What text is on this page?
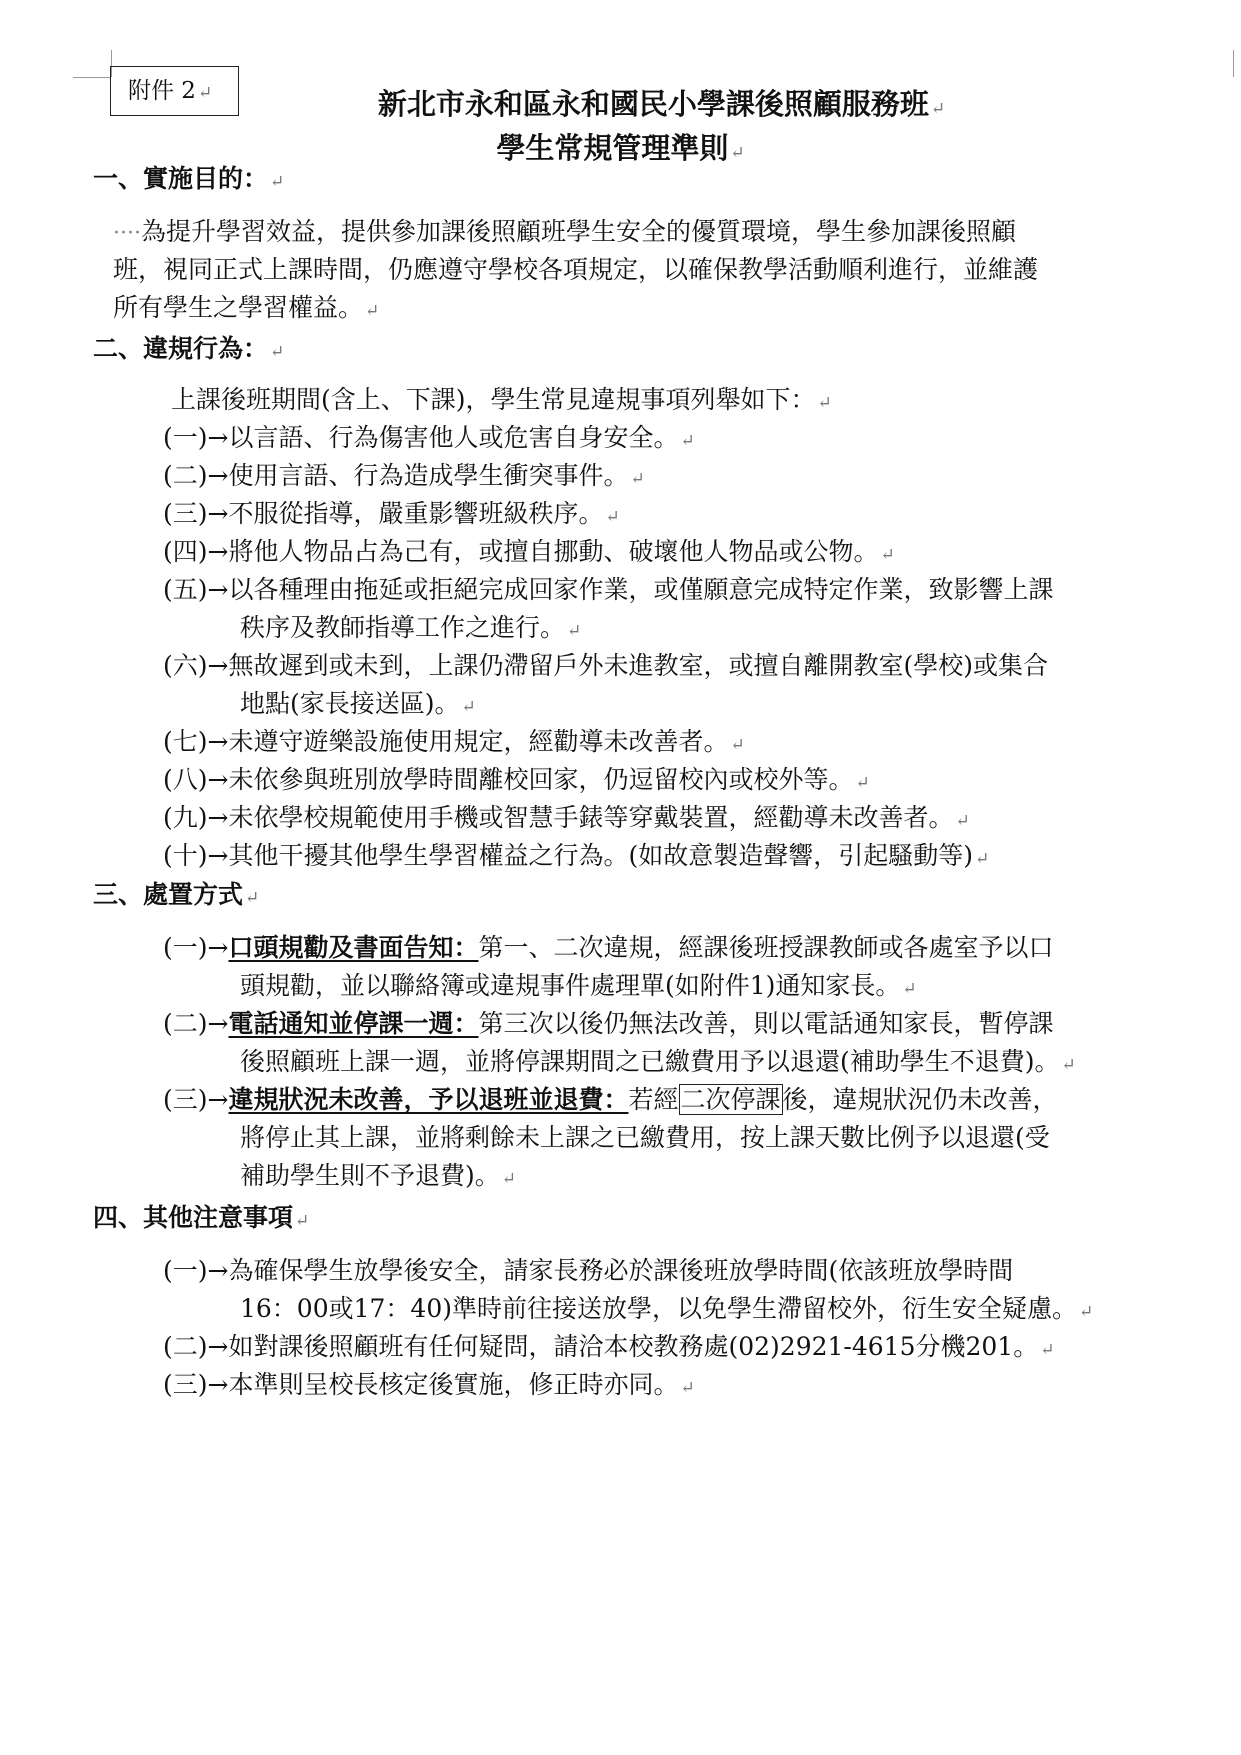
附件 2 ↵	新北市永和區永和國民小學課後照顧服務班 ↵
學生常規管理準則 ↵
一、實施目的： ↵
····為提升學習效益，提供參加課後照顧班學生安全的優質環境，學生參加課後照顧
班，視同正式上課時間，仍應遵守學校各項規定，以確保教學活動順利進行，並維護
所有學生之學習權益。 ↵
二、違規行為： ↵
上課後班期間(含上、下課)，學生常見違規事項列舉如下： ↵
(一)→以言語、行為傷害他人或危害自身安全。 ↵
(二)→使用言語、行為造成學生衝突事件。 ↵
(三)→不服從指導，嚴重影響班級秩序。 ↵
(四)→將他人物品占為己有，或擅自挪動、破壞他人物品或公物。 ↵
(五)→以各種理由拖延或拒絕完成回家作業，或僅願意完成特定作業，致影響上課
秩序及教師指導工作之進行。 ↵
(六)→無故遲到或未到，上課仍滯留戶外未進教室，或擅自離開教室(學校)或集合
地點(家長接送區)。 ↵
(七)→未遵守遊樂設施使用規定，經勸導未改善者。 ↵
(八)→未依參與班別放學時間離校回家，仍逗留校內或校外等。 ↵
(九)→未依學校規範使用手機或智慧手錶等穿戴裝置，經勸導未改善者。 ↵
(十)→其他干擾其他學生學習權益之行為。(如故意製造聲響，引起騷動等) ↵
三、處置方式 ↵
(一)→口頭規勸及書面告知：第一、二次違規，經課後班授課教師或各處室予以口
頭規勸，並以聯絡簿或違規事件處理單(如附件1)通知家長。 ↵
(二)→電話通知並停課一週：第三次以後仍無法改善，則以電話通知家長，暫停課
後照顧班上課一週，並將停課期間之已繳費用予以退還(補助學生不退費)。 ↵
(三)→違規狀況未改善，予以退班並退費：若經二次停課後，違規狀況仍未改善，
將停止其上課，並將剩餘未上課之已繳費用，按上課天數比例予以退還(受
補助學生則不予退費)。 ↵
四、其他注意事項 ↵
(一)→為確保學生放學後安全，請家長務必於課後班放學時間(依該班放學時間
16：00或17：40)準時前往接送放學，以免學生滯留校外，衍生安全疑慮。 ↵
(二)→如對課後照顧班有任何疑問，請洽本校教務處(02)2921-4615分機201。 ↵
(三)→本準則呈校長核定後實施，修正時亦同。 ↵
